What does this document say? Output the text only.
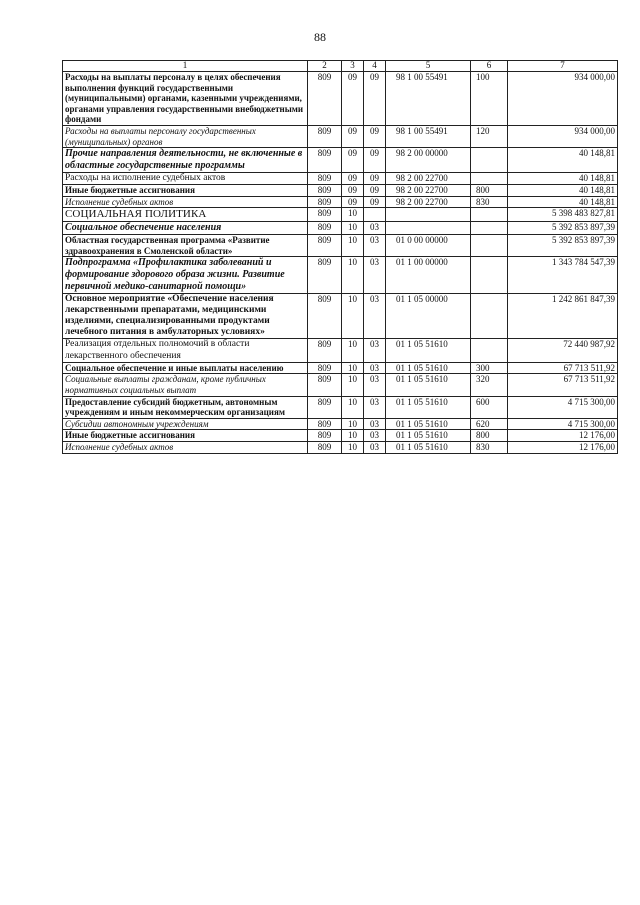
88
1	2	3	4	5	6	7
Расходы на выплаты персоналу в целях обеспечения выполнения функций государственными (муниципальными) органами, казенными учреждениями, органами управления государственными внебюджетными фондами	809	09	09	98 1 00 55491	100	934 000,00
Расходы на выплаты персоналу государственных (муниципальных) органов	809	09	09	98 1 00 55491	120	934 000,00
Прочие направления деятельности, не включенные в областные государственные программы	809	09	09	98 2 00 00000		40 148,81
Расходы на исполнение судебных актов	809	09	09	98 2 00 22700		40 148,81
Иные бюджетные ассигнования	809	09	09	98 2 00 22700	800	40 148,81
Исполнение судебных актов	809	09	09	98 2 00 22700	830	40 148,81
СОЦИАЛЬНАЯ ПОЛИТИКА	809	10				5 398 483 827,81
Социальное обеспечение населения	809	10	03			5 392 853 897,39
Областная государственная программа «Развитие здравоохранения в Смоленской области»	809	10	03	01 0 00 00000		5 392 853 897,39
Подпрограмма «Профилактика заболеваний и формирование здорового образа жизни. Развитие первичной медико-санитарной помощи»	809	10	03	01 1 00 00000		1 343 784 547,39
Основное мероприятие «Обеспечение населения лекарственными препаратами, медицинскими изделиями, специализированными продуктами лечебного питания в амбулаторных условиях»	809	10	03	01 1 05 00000		1 242 861 847,39
Реализация отдельных полномочий в области лекарственного обеспечения	809	10	03	01 1 05 51610		72 440 987,92
Социальное обеспечение и иные выплаты населению	809	10	03	01 1 05 51610	300	67 713 511,92
Социальные выплаты гражданам, кроме публичных нормативных социальных выплат	809	10	03	01 1 05 51610	320	67 713 511,92
Предоставление субсидий бюджетным, автономным учреждениям и иным некоммерческим организациям	809	10	03	01 1 05 51610	600	4 715 300,00
Субсидии автономным учреждениям	809	10	03	01 1 05 51610	620	4 715 300,00
Иные бюджетные ассигнования	809	10	03	01 1 05 51610	800	12 176,00
Исполнение судебных актов	809	10	03	01 1 05 51610	830	12 176,00
